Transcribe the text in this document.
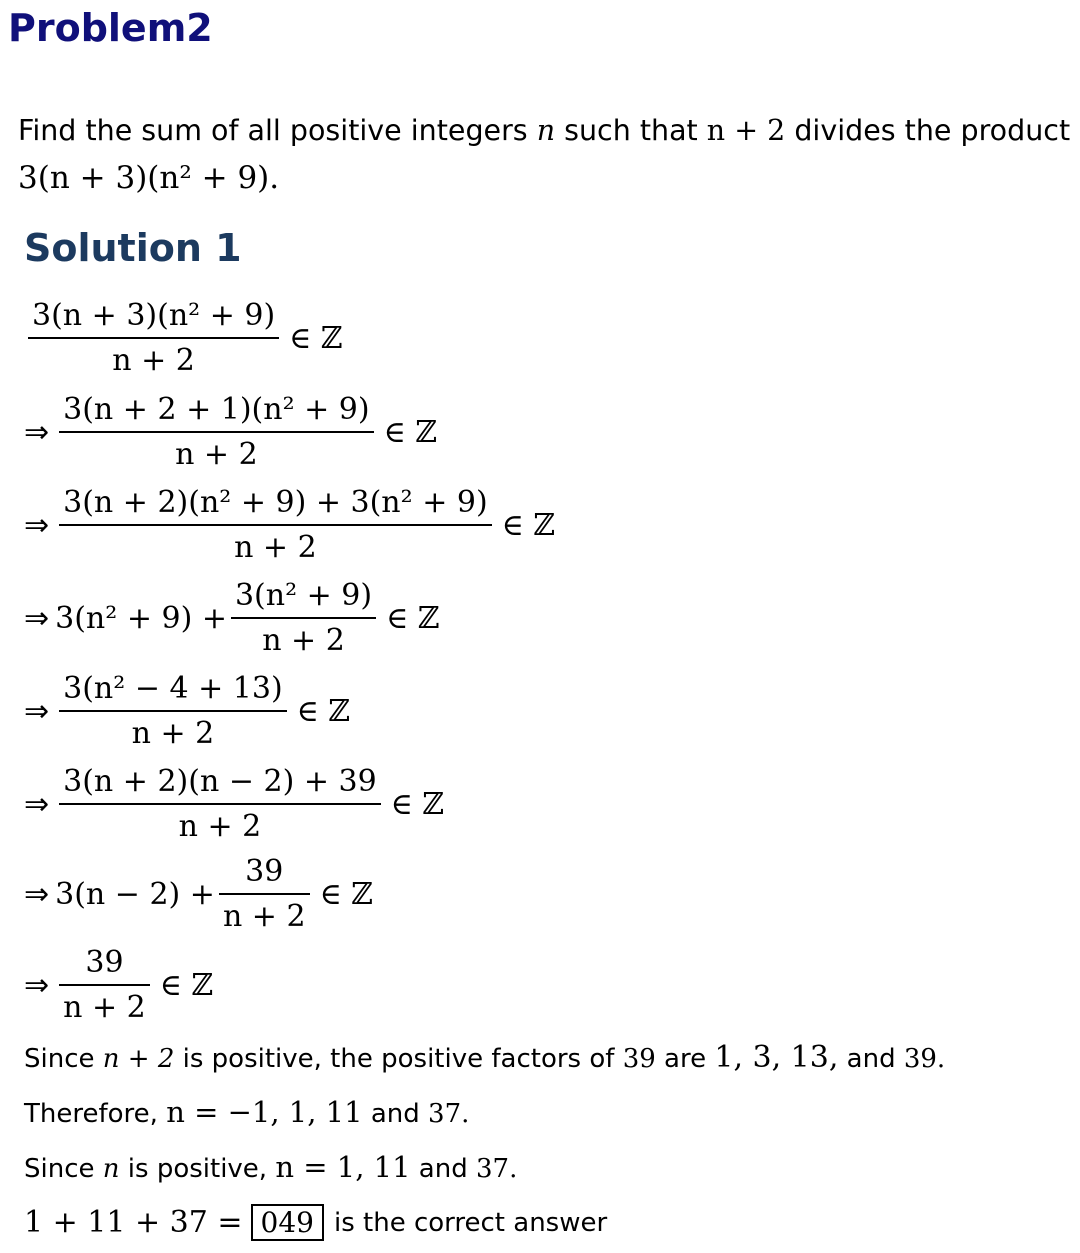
Problem2
Find the sum of all positive integers n such that n + 2 divides the product
3(n + 3)(n² + 9).
Solution 1
$\frac{\text{3(n + 3)(n² + 9)}}{n + 2}$ ∈ ℤ
⇒ $\frac{\text{3(n + 2 + 1)(n² + 9)}}{n + 2}$ ∈ ℤ
⇒ $\frac{\text{3(n + 2)(n² + 9) + 3(n² + 9)}}{n + 2}$ ∈ ℤ
⇒ $3(n^2 + 9) + \frac{\text{3(n² + 9)}}{n + 2}$ ∈ ℤ
⇒ $\frac{\text{3(n² − 4 + 13)}}{n + 2}$ ∈ ℤ
⇒ $\frac{3(n + 2)(n - 2) + 39}{n + 2}$ ∈ ℤ
⇒ $3(n - 2) + \frac{39}{n + 2}$ ∈ ℤ
⇒ $\frac{39}{n + 2}$ ∈ ℤ
Since n + 2 is positive, the positive factors of 39 are 1, 3, 13, and 39.
Therefore, n = −1, 1, 11 and 37.
Since n is positive, n = 1, 11 and 37.
1 + 11 + 37 = 049 is the correct answer
